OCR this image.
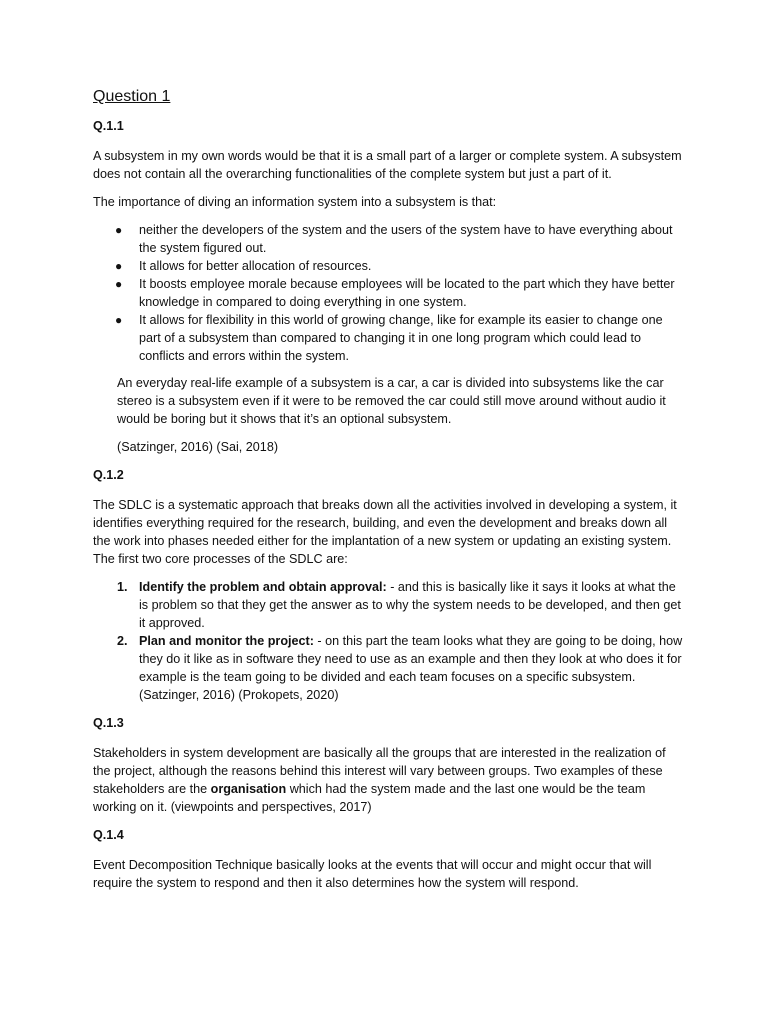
Question 1
Q.1.1

A subsystem in my own words would be that it is a small part of a larger or complete system. A subsystem does not contain all the overarching functionalities of the complete system but just a part of it.

The importance of diving an information system into a subsystem is that:

● neither the developers of the system and the users of the system have to have everything about the system figured out.
● It allows for better allocation of resources.
● It boosts employee morale because employees will be located to the part which they have better knowledge in compared to doing everything in one system.
● It allows for flexibility in this world of growing change, like for example its easier to change one part of a subsystem than compared to changing it in one long program which could lead to conflicts and errors within the system.

An everyday real-life example of a subsystem is a car, a car is divided into subsystems like the car stereo is a subsystem even if it were to be removed the car could still move around without audio it would be boring but it shows that it’s an optional subsystem.

(Satzinger, 2016) (Sai, 2018)

Q.1.2

The SDLC is a systematic approach that breaks down all the activities involved in developing a system, it identifies everything required for the research, building, and even the development and breaks down all the work into phases needed either for the implantation of a new system or updating an existing system. The first two core processes of the SDLC are:

1. Identify the problem and obtain approval: - and this is basically like it says it looks at what the is problem so that they get the answer as to why the system needs to be developed, and then get it approved.
2. Plan and monitor the project: - on this part the team looks what they are going to be doing, how they do it like as in software they need to use as an example and then they look at who does it for example is the team going to be divided and each team focuses on a specific subsystem.
(Satzinger, 2016) (Prokopets, 2020)
Q.1.3

Stakeholders in system development are basically all the groups that are interested in the realization of the project, although the reasons behind this interest will vary between groups. Two examples of these stakeholders are the organisation which had the system made and the last one would be the team working on it. (viewpoints and perspectives, 2017)

Q.1.4

Event Decomposition Technique basically looks at the events that will occur and might occur that will require the system to respond and then it also determines how the system will respond.
